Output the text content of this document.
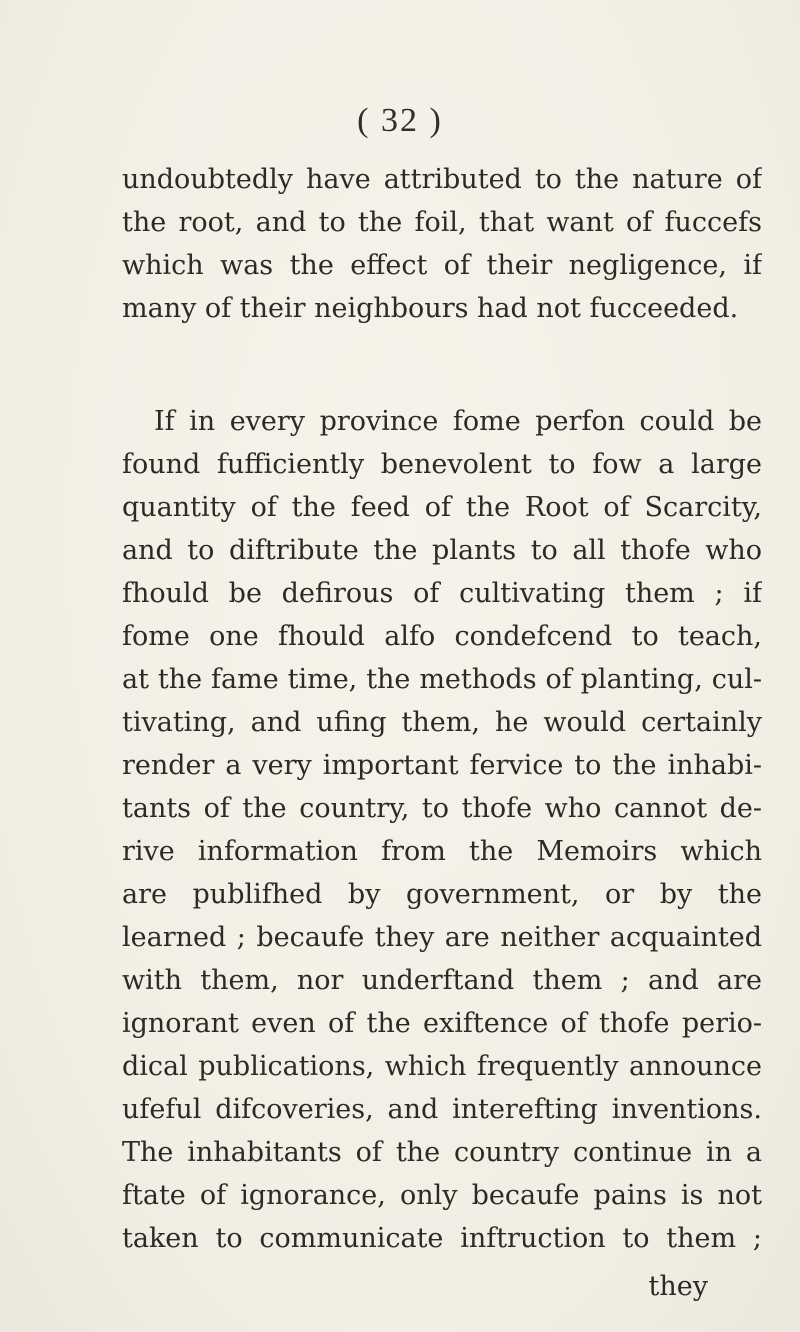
( 32 )
undoubtedly have attributed to the nature of
the root, and to the foil, that want of fuccefs
which was the effect of their negligence, if
many of their neighbours had not fucceeded.
If in every province fome perfon could be
found fufficiently benevolent to fow a large
quantity of the feed of the Root of Scarcity,
and to diftribute the plants to all thofe who
fhould be defirous of cultivating them ; if
fome one fhould alfo condefcend to teach,
at the fame time, the methods of planting, cul-
tivating, and ufing them, he would certainly
render a very important fervice to the inhabi-
tants of the country, to thofe who cannot de-
rive information from the Memoirs which
are publifhed by government, or by the
learned ; becaufe they are neither acquainted
with them, nor underftand them ; and are
ignorant even of the exiftence of thofe perio-
dical publications, which frequently announce
ufeful difcoveries, and interefting inventions.
The inhabitants of the country continue in a
ftate of ignorance, only becaufe pains is not
taken to communicate inftruction to them ;
they
